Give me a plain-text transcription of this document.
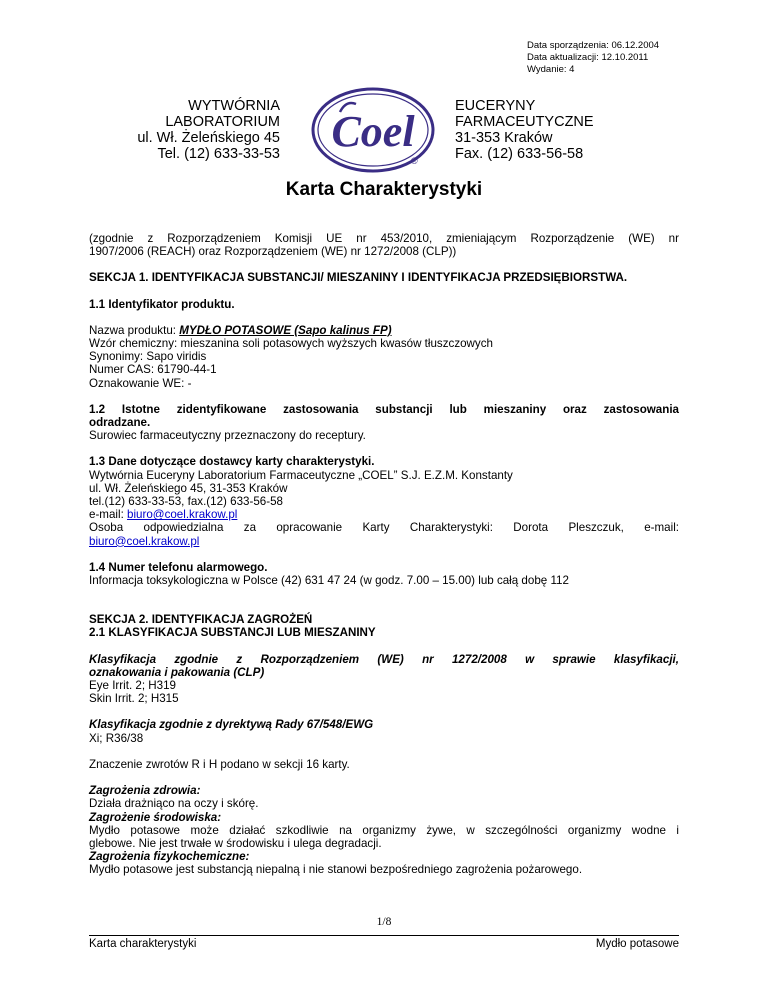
Data sporządzenia: 06.12.2004
Data aktualizacji: 12.10.2011
Wydanie: 4
WYTWÓRNIA
LABORATORIUM
ul. Wł. Żeleńskiego 45
Tel. (12) 633-33-53 Coel
®
EUCERYNY
FARMACEUTYCZNE
31-353 Kraków
Fax. (12) 633-56-58
Karta Charakterystyki

(zgodnie z Rozporządzeniem Komisji UE nr 453/2010, zmieniającym Rozporządzenie (WE) nr

1907/2006 (REACH) oraz Rozporządzeniem (WE) nr 1272/2008 (CLP))

SEKCJA 1. IDENTYFIKACJA SUBSTANCJI/ MIESZANINY I IDENTYFIKACJA PRZEDSIĘBIORSTWA.

1.1 Identyfikator produktu.

Nazwa produktu: MYDŁO POTASOWE (Sapo kalinus FP)

Wzór chemiczny: mieszanina soli potasowych wyższych kwasów tłuszczowych

Synonimy: Sapo viridis

Numer CAS: 61790-44-1

Oznakowanie WE: -

1.2 Istotne zidentyfikowane zastosowania substancji lub mieszaniny oraz zastosowania

odradzane.

Surowiec farmaceutyczny przeznaczony do receptury.

1.3 Dane dotyczące dostawcy karty charakterystyki.

Wytwórnia Euceryny Laboratorium Farmaceutyczne „COEL” S.J. E.Z.M. Konstanty

ul. Wł. Żeleńskiego 45, 31-353 Kraków

tel.(12) 633-33-53, fax.(12) 633-56-58

e-mail: biuro@coel.krakow.pl

Osoba odpowiedzialna za opracowanie Karty Charakterystyki: Dorota Pleszczuk, e-mail:

biuro@coel.krakow.pl

1.4 Numer telefonu alarmowego.

Informacja toksykologiczna w Polsce (42) 631 47 24 (w godz. 7.00 – 15.00) lub całą dobę 112

SEKCJA 2. IDENTYFIKACJA ZAGROŻEŃ

2.1 KLASYFIKACJA SUBSTANCJI LUB MIESZANINY

Klasyfikacja zgodnie z Rozporządzeniem (WE) nr 1272/2008 w sprawie klasyfikacji,

oznakowania i pakowania (CLP)

Eye Irrit. 2; H319

Skin Irrit. 2; H315

Klasyfikacja zgodnie z dyrektywą Rady 67/548/EWG

Xi; R36/38

Znaczenie zwrotów R i H podano w sekcji 16 karty.

Zagrożenia zdrowia:

Działa drażniąco na oczy i skórę.

Zagrożenie środowiska:

Mydło potasowe może działać szkodliwie na organizmy żywe, w szczególności organizmy wodne i

glebowe. Nie jest trwałe w środowisku i ulega degradacji.

Zagrożenia fizykochemiczne:

Mydło potasowe jest substancją niepalną i nie stanowi bezpośredniego zagrożenia pożarowego.

1/8
Karta charakterystyki	Mydło potasowe
